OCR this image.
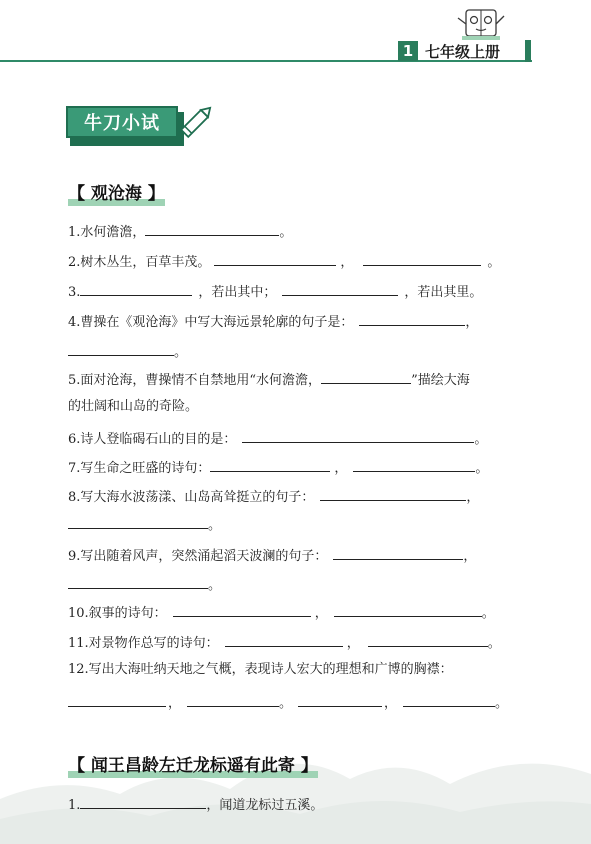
1 七年级上册
牛刀小试
【 观沧海 】
1.水何澹澹，	。
2.树木丛生，百草丰茂。	，	。
3.	，若出其中；	，若出其里。
4.曹操在《观沧海》中写大海远景轮廓的句子是：	，
。
5.面对沧海，曹操情不自禁地用“水何澹澹，	”描绘大海
的壮阔和山岛的奇险。
6.诗人登临碣石山的目的是：	。
7.写生命之旺盛的诗句：	，	。
8.写大海水波荡漾、山岛高耸挺立的句子：	，
。
9.写出随着风声，突然涌起滔天波澜的句子：	，
。
10.叙事的诗句：	，	。
11.对景物作总写的诗句：	，	。
12.写出大海吐纳天地之气概，表现诗人宏大的理想和广博的胸襟：
，	。	，	。
【 闻王昌龄左迁龙标遥有此寄 】
1.	，闻道龙标过五溪。
